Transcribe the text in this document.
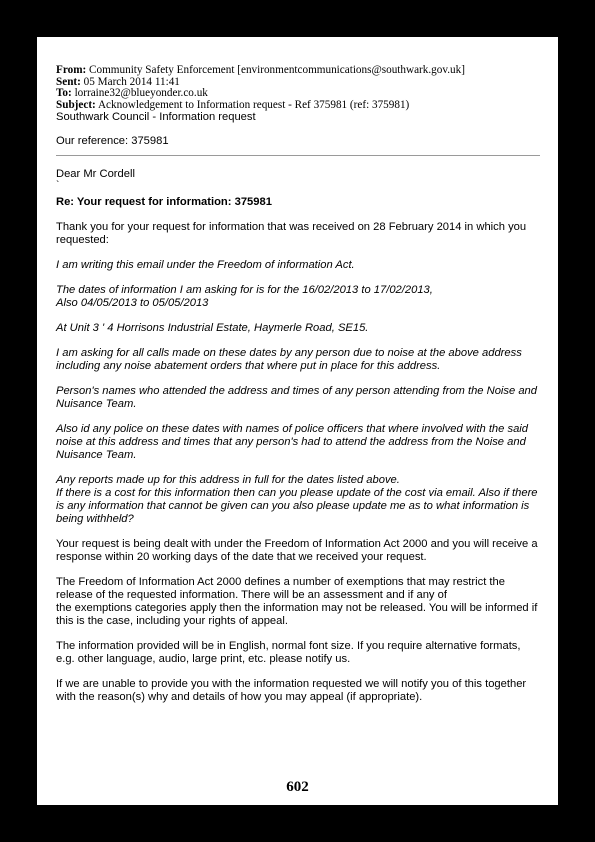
From: Community Safety Enforcement [environmentcommunications@southwark.gov.uk]
Sent: 05 March 2014 11:41
To: lorraine32@blueyonder.co.uk
Subject: Acknowledgement to Information request - Ref 375981 (ref: 375981)
Southwark Council - Information request
Our reference: 375981
Dear Mr Cordell
`
Re: Your request for information: 375981

Thank you for your request for information that was received on 28 February 2014 in which you requested:

I am writing this email under the Freedom of information Act.

The dates of information I am asking for is for the 16/02/2013 to 17/02/2013,
Also 04/05/2013 to 05/05/2013

At Unit 3 ' 4 Horrisons Industrial Estate, Haymerle Road, SE15.

I am asking for all calls made on these dates by any person due to noise at the above address including any noise abatement orders that where put in place for this address.

Person's names who attended the address and times of any person attending from the Noise and Nuisance Team.

Also id any police on these dates with names of police officers that where involved with the said noise at this address and times that any person's had to attend the address from the Noise and Nuisance Team.

Any reports made up for this address in full for the dates listed above.
If there is a cost for this information then can you please update of the cost via email. Also if there is any information that cannot be given can you also please update me as to what information is being withheld?

Your request is being dealt with under the Freedom of Information Act 2000 and you will receive a response within 20 working days of the date that we received your request.

The Freedom of Information Act 2000 defines a number of exemptions that may restrict the
release of the requested information. There will be an assessment and if any of
the exemptions categories apply then the information may not be released. You will be informed if this is the case, including your rights of appeal.

The information provided will be in English, normal font size. If you require alternative formats, e.g. other language, audio, large print, etc. please notify us.

If we are unable to provide you with the information requested we will notify you of this together with the reason(s) why and details of how you may appeal (if appropriate).

602
